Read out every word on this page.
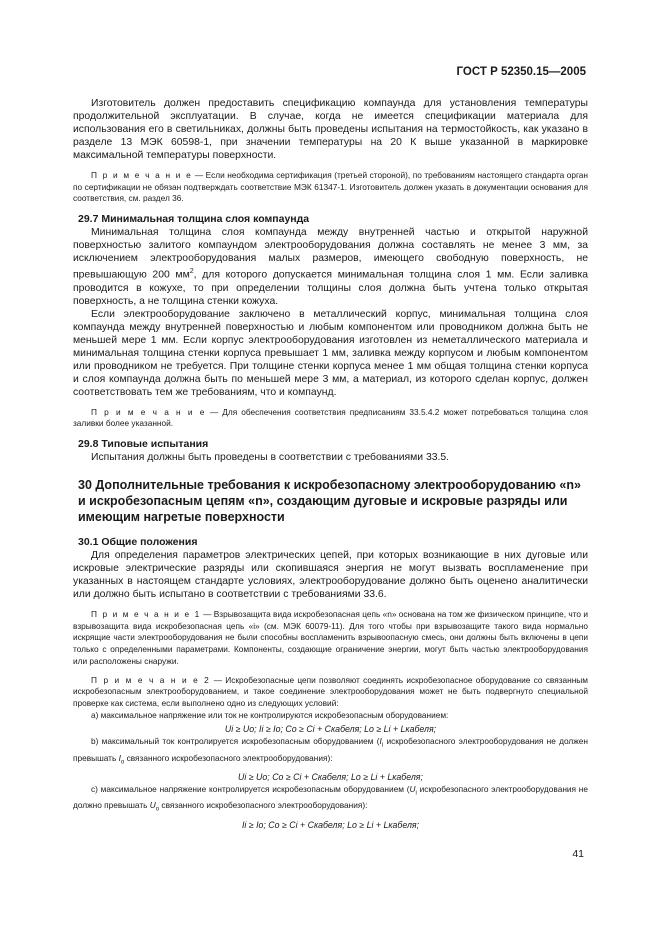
ГОСТ Р 52350.15—2005

Изготовитель должен предоставить спецификацию компаунда для установления температуры продолжительной эксплуатации. В случае, когда не имеется спецификации материала для использования его в светильниках, должны быть проведены испытания на термостойкость, как указано в разделе 13 МЭК 60598-1, при значении температуры на 20 К выше указанной в маркировке максимальной температуры поверхности.

П р и м е ч а н и е — Если необходима сертификация (третьей стороной), по требованиям настоящего стандарта орган по сертификации не обязан подтверждать соответствие МЭК 61347-1. Изготовитель должен указать в документации основания для соответствия, см. раздел 36.

29.7 Минимальная толщина слоя компаунда

Минимальная толщина слоя компаунда между внутренней частью и открытой наружной поверхностью залитого компаундом электрооборудования должна составлять не менее 3 мм, за исключением электрооборудования малых размеров, имеющего свободную поверхность, не превышающую 200 $мм^2$, для которого допускается минимальная толщина слоя 1 мм. Если заливка проводится в кожухе, то при определении толщины слоя должна быть учтена только открытая поверхность, а не толщина стенки кожуха.

Если электрооборудование заключено в металлический корпус, минимальная толщина слоя компаунда между внутренней поверхностью и любым компонентом или проводником должна быть не меньшей мере 1 мм. Если корпус электрооборудования изготовлен из неметаллического материала и минимальная толщина стенки корпуса превышает 1 мм, заливка между корпусом и любым компонентом или проводником не требуется. При толщине стенки корпуса менее 1 мм общая толщина стенки корпуса и слоя компаунда должна быть по меньшей мере 3 мм, а материал, из которого сделан корпус, должен соответствовать тем же требованиям, что и компаунд.

П р и м е ч а н и е — Для обеспечения соответствия предписаниям 33.5.4.2 может потребоваться толщина слоя заливки более указанной.

29.8 Типовые испытания

Испытания должны быть проведены в соответствии с требованиями 33.5.

30 Дополнительные требования к искробезопасному электрооборудованию «n» и искробезопасным цепям «n», создающим дуговые и искровые разряды или имеющим нагретые поверхности
30.1 Общие положения

Для определения параметров электрических цепей, при которых возникающие в них дуговые или искровые электрические разряды или скопившаяся энергия не могут вызвать воспламенение при указанных в настоящем стандарте условиях, электрооборудование должно быть оценено аналитически или должно быть испытано в соответствии с требованиями 33.6.

П р и м е ч а н и е 1 — Взрывозащита вида искробезопасная цепь «n» основана на том же физическом принципе, что и взрывозащита вида искробезопасная цепь «i» (см. МЭК 60079-11). Для того чтобы при взрывозащите такого вида нормально искрящие части электрооборудования не были способны воспламенить взрывоопасную смесь, они должны быть включены в цепи только с определенными параметрами. Компоненты, создающие ограничение энергии, могут быть частью электрооборудования или расположены снаружи.

П р и м е ч а н и е 2 — Искробезопасные цепи позволяют соединять искробезопасное оборудование со связанным искробезопасным электрооборудованием, и такое соединение электрооборудования может не быть подвергнуто специальной проверке как система, если выполнено одно из следующих условий:

a) максимальное напряжение или ток не контролируются искробезопасным оборудованием:

Ui ≥ Uo; Ii ≥ Io; Co ≥ Ci + Cкабеля; Lo ≥ Li + Lкабеля;

b) максимальный ток контролируется искробезопасным оборудованием ($I_i$ искробезопасного электрооборудования не должен превышать $I_o$ связанного искробезопасного электрооборудования):

Ui ≥ Uo; Co ≥ Ci + Cкабеля; Lo ≥ Li + Lкабеля;

c) максимальное напряжение контролируется искробезопасным оборудованием ($U_i$ искробезопасного электрооборудования не должно превышать $U_o$ связанного искробезопасного электрооборудования):

Ii ≥ Io; Co ≥ Ci + Cкабеля; Lo ≥ Li + Lкабеля;

41
